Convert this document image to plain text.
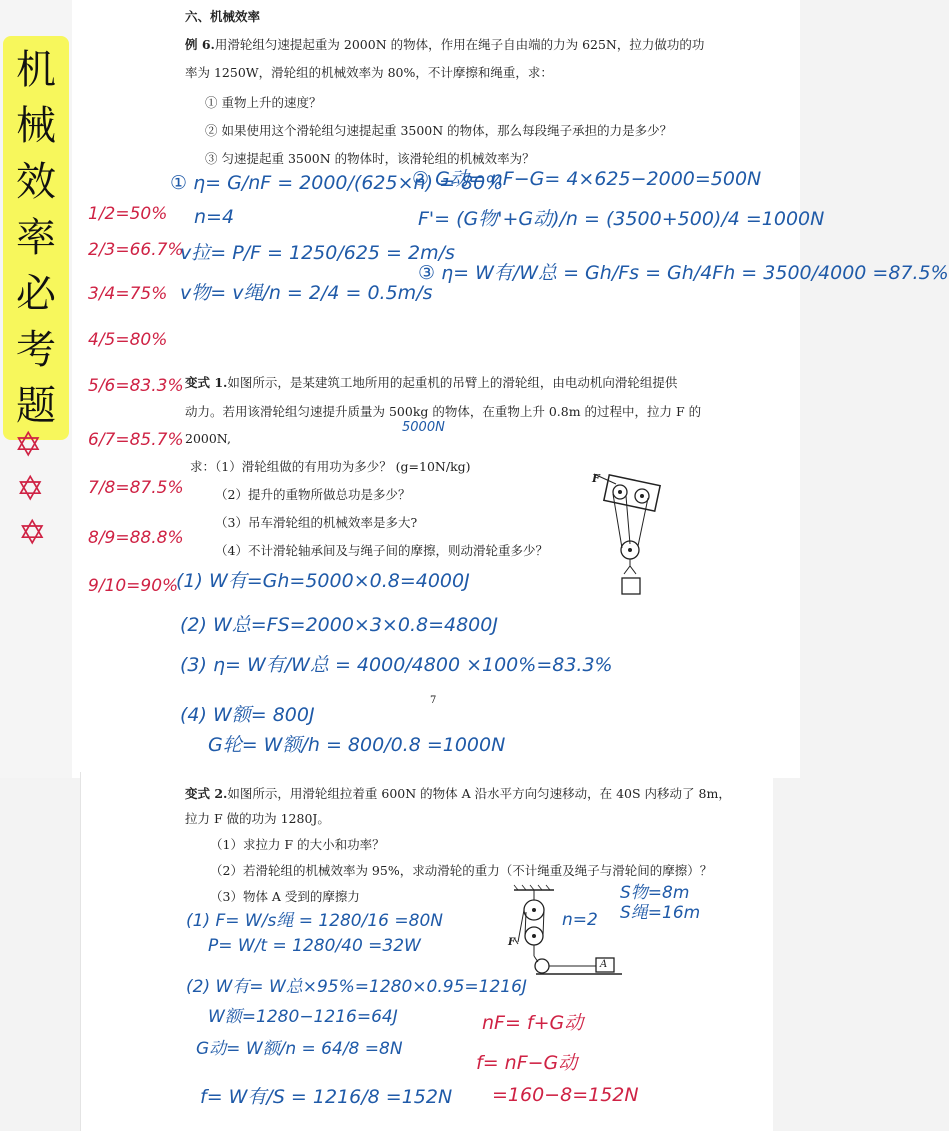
机
械
效
率
必
考
题
✡
✡
✡
六、机械效率
例 6.用滑轮组匀速提起重为 2000N 的物体，作用在绳子自由端的力为 625N，拉力做功的功
率为 1250W，滑轮组的机械效率为 80%，不计摩擦和绳重，求：
① 重物上升的速度？
② 如果使用这个滑轮组匀速提起重 3500N 的物体，那么每段绳子承担的力是多少？
③ 匀速提起重 3500N 的物体时，该滑轮组的机械效率为？
1/2=50%
2/3=66.7%
3/4=75%
4/5=80%
5/6=83.3%
6/7=85.7%
7/8=87.5%
8/9=88.8%
9/10=90%
① η= G/nF = 2000/(625×n) = 80%
n=4
v拉= P/F = 1250/625 = 2m/s
v物= v绳/n = 2/4 = 0.5m/s
② G动= nF−G= 4×625−2000=500N
F'= (G物'+G动)/n = (3500+500)/4 =1000N
③ η= W有/W总 = Gh/Fs = Gh/4Fh = 3500/4000 =87.5%
变式 1.如图所示，是某建筑工地所用的起重机的吊臂上的滑轮组，由电动机向滑轮组提供
动力。若用该滑轮组匀速提升质量为 500kg 的物体，在重物上升 0.8m 的过程中，拉力 F 的
5000N
2000N,
求：（1）滑轮组做的有用功为多少？ (g=10N/kg)
（2）提升的重物所做总功是多少？
（3）吊车滑轮组的机械效率是多大?
（4）不计滑轮轴承间及与绳子间的摩擦，则动滑轮重多少？
F
(1) W有=Gh=5000×0.8=4000J
(2) W总=FS=2000×3×0.8=4800J
(3) η= W有/W总 = 4000/4800 ×100%=83.3%
(4) W额= 800J
7
G轮= W额/h = 800/0.8 =1000N
变式 2.如图所示，用滑轮组拉着重 600N 的物体 A 沿水平方向匀速移动，在 40S 内移动了 8m，
拉力 F 做的功为 1280J。
（1）求拉力 F 的大小和功率？
（2）若滑轮组的机械效率为 95%，求动滑轮的重力（不计绳重及绳子与滑轮间的摩擦）？
（3）物体 A 受到的摩擦力
F
A
n=2
S物=8m
S绳=16m
(1) F= W/s绳 = 1280/16 =80N
P= W/t = 1280/40 =32W
(2) W有= W总×95%=1280×0.95=1216J
W额=1280−1216=64J
G动= W额/n = 64/8 =8N
f= W有/S = 1216/8 =152N
nF= f+G动
f= nF−G动
=160−8=152N
